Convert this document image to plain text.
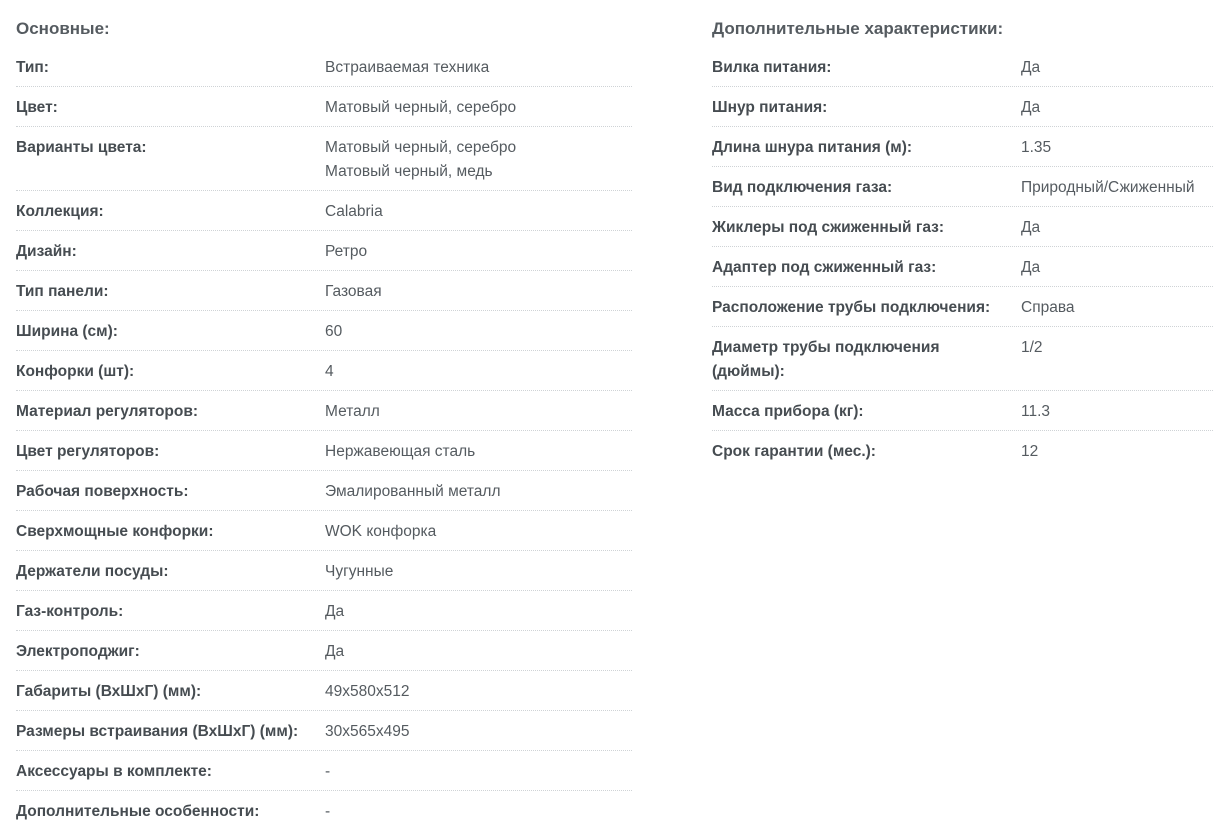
Основные:
Тип:	Встраиваемая техника
Цвет:	Матовый черный, серебро
Варианты цвета:	Матовый черный, серебро
Матовый черный, медь
Коллекция:	Calabria
Дизайн:	Ретро
Тип панели:	Газовая
Ширина (см):	60
Конфорки (шт):	4
Материал регуляторов:	Металл
Цвет регуляторов:	Нержавеющая сталь
Рабочая поверхность:	Эмалированный металл
Сверхмощные конфорки:	WOK конфорка
Держатели посуды:	Чугунные
Газ-контроль:	Да
Электроподжиг:	Да
Габариты (ВхШхГ) (мм):	49x580x512
Размеры встраивания (ВхШхГ) (мм):	30x565x495
Аксессуары в комплекте:	-
Дополнительные особенности:	-
Дополнительные характеристики:
Вилка питания:	Да
Шнур питания:	Да
Длина шнура питания (м):	1.35
Вид подключения газа:	Природный/Сжиженный
Жиклеры под сжиженный газ:	Да
Адаптер под сжиженный газ:	Да
Расположение трубы подключения:	Справа
Диаметр трубы подключения (дюймы):
1/2
Масса прибора (кг):	11.3
Срок гарантии (мес.):	12
